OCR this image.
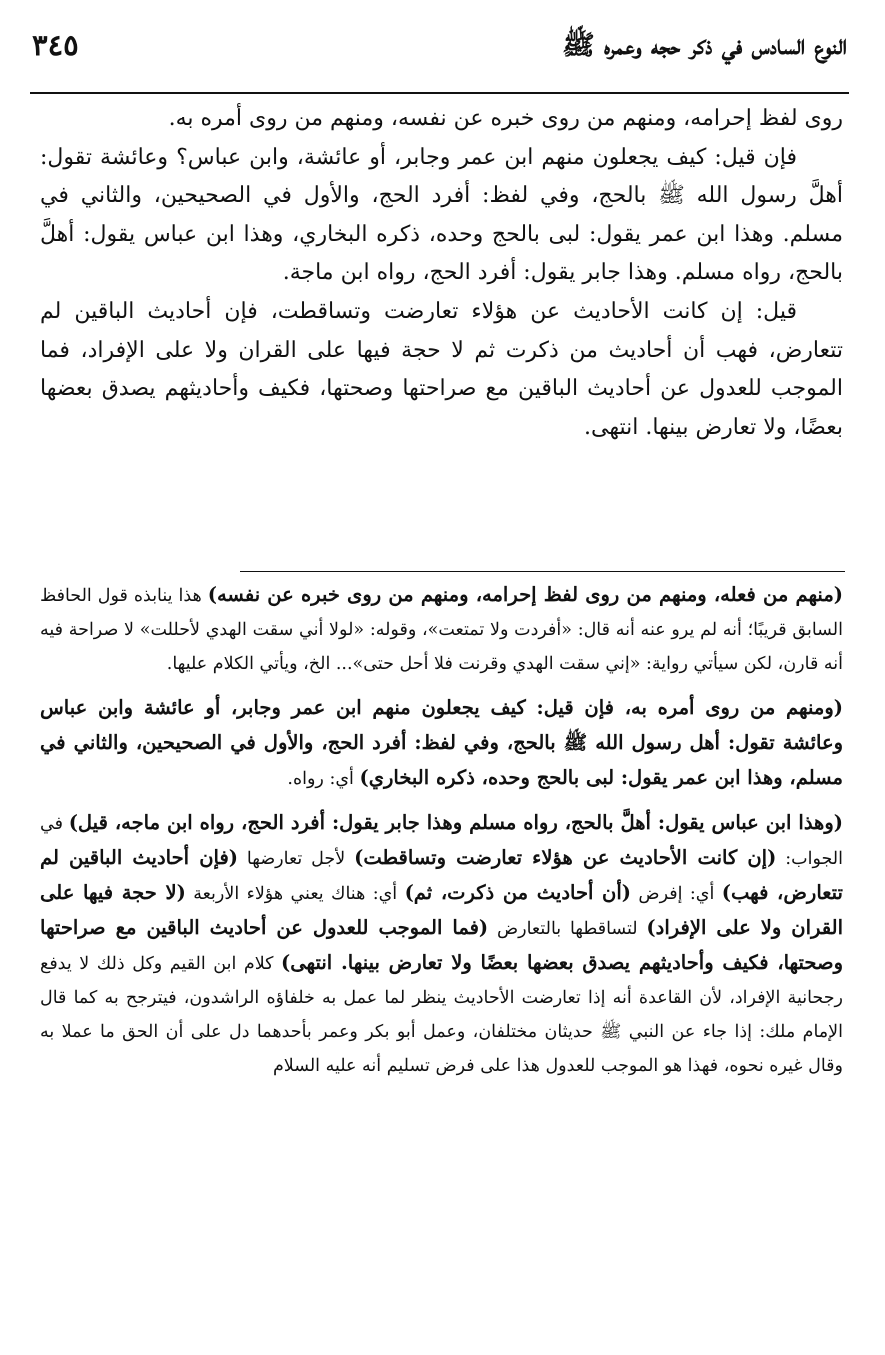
النوع السادس في ذكر حجه وعمره ﷺ
٣٤٥

روى لفظ إحرامه، ومنهم من روى خبره عن نفسه، ومنهم من روى أمره به.

فإن قيل: كيف يجعلون منهم ابن عمر وجابر، أو عائشة، وابن عباس؟ وعائشة تقول: أهلَّ رسول الله ﷺ بالحج، وفي لفظ: أفرد الحج، والأول في الصحيحين، والثاني في مسلم. وهذا ابن عمر يقول: لبى بالحج وحده، ذكره البخاري، وهذا ابن عباس يقول: أهلَّ بالحج، رواه مسلم. وهذا جابر يقول: أفرد الحج، رواه ابن ماجة.

قيل: إن كانت الأحاديث عن هؤلاء تعارضت وتساقطت، فإن أحاديث الباقين لم تتعارض، فهب أن أحاديث من ذكرت ثم لا حجة فيها على القران ولا على الإفراد، فما الموجب للعدول عن أحاديث الباقين مع صراحتها وصحتها، فكيف وأحاديثهم يصدق بعضها بعضًا، ولا تعارض بينها. انتهى.

(منهم من فعله، ومنهم من روى لفظ إحرامه، ومنهم من روى خبره عن نفسه) هذا ينابذه قول الحافظ السابق قريبًا؛ أنه لم يرو عنه أنه قال: «أفردت ولا تمتعت»، وقوله: «لولا أني سقت الهدي لأحللت» لا صراحة فيه أنه قارن، لكن سيأتي رواية: «إني سقت الهدي وقرنت فلا أحل حتى»... الخ، ويأتي الكلام عليها.

(ومنهم من روى أمره به، فإن قيل: كيف يجعلون منهم ابن عمر وجابر، أو عائشة وابن عباس وعائشة تقول: أهل رسول الله ﷺ بالحج، وفي لفظ: أفرد الحج، والأول في الصحيحين، والثاني في مسلم، وهذا ابن عمر يقول: لبى بالحج وحده، ذكره البخاري) أي: رواه.

(وهذا ابن عباس يقول: أهلَّ بالحج، رواه مسلم وهذا جابر يقول: أفرد الحج، رواه ابن ماجه، قيل) في الجواب: (إن كانت الأحاديث عن هؤلاء تعارضت وتساقطت) لأجل تعارضها (فإن أحاديث الباقين لم تتعارض، فهب) أي: إفرض (أن أحاديث من ذكرت، ثم) أي: هناك يعني هؤلاء الأربعة (لا حجة فيها على القران ولا على الإفراد) لتساقطها بالتعارض (فما الموجب للعدول عن أحاديث الباقين مع صراحتها وصحتها، فكيف وأحاديثهم يصدق بعضها بعضًا ولا تعارض بينها. انتهى) كلام ابن القيم وكل ذلك لا يدفع رجحانية الإفراد، لأن القاعدة أنه إذا تعارضت الأحاديث ينظر لما عمل به خلفاؤه الراشدون، فيترجح به كما قال الإمام ملك: إذا جاء عن النبي ﷺ حديثان مختلفان، وعمل أبو بكر وعمر بأحدهما دل على أن الحق ما عملا به وقال غيره نحوه، فهذا هو الموجب للعدول هذا على فرض تسليم أنه عليه السلام
